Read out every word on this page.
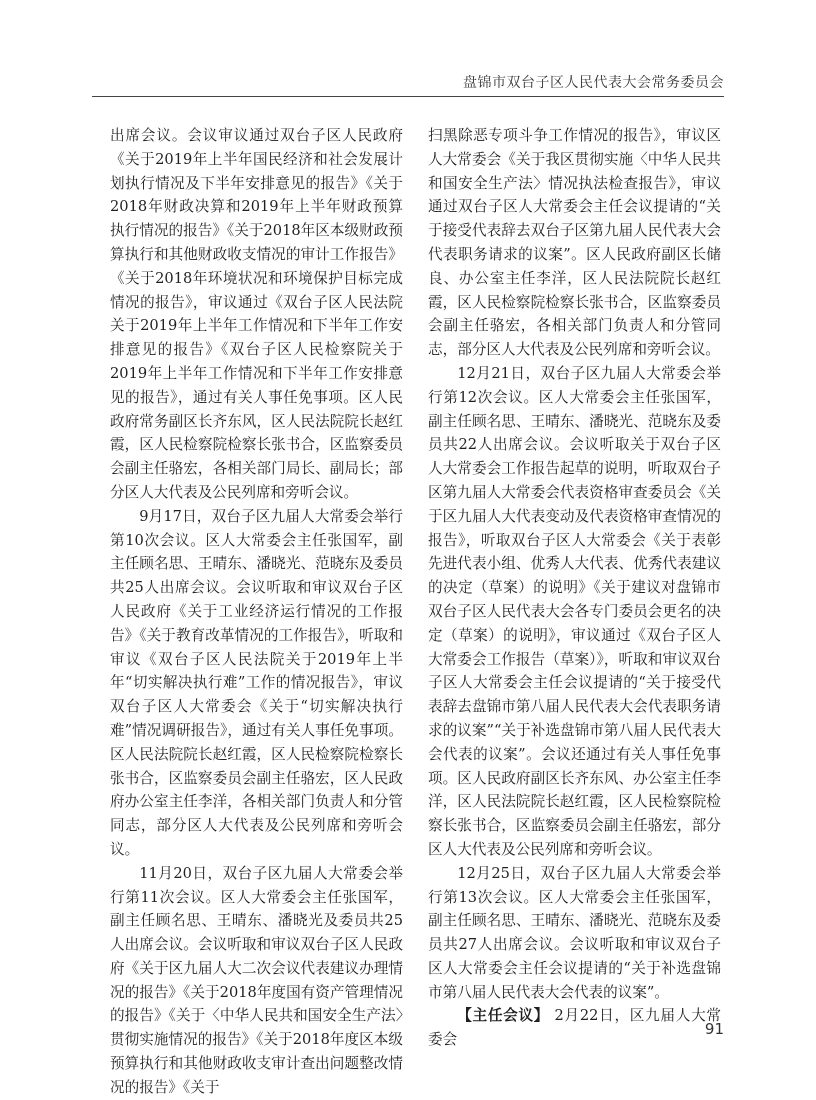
盘锦市双台子区人民代表大会常务委员会

出席会议。会议审议通过双台子区人民政府《关于2019年上半年国民经济和社会发展计划执行情况及下半年安排意见的报告》《关于2018年财政决算和2019年上半年财政预算执行情况的报告》《关于2018年区本级财政预算执行和其他财政收支情况的审计工作报告》《关于2018年环境状况和环境保护目标完成情况的报告》，审议通过《双台子区人民法院关于2019年上半年工作情况和下半年工作安排意见的报告》《双台子区人民检察院关于2019年上半年工作情况和下半年工作安排意见的报告》，通过有关人事任免事项。区人民政府常务副区长齐东风，区人民法院院长赵红霞，区人民检察院检察长张书合，区监察委员会副主任骆宏，各相关部门局长、副局长；部分区人大代表及公民列席和旁听会议。

9月17日，双台子区九届人大常委会举行第10次会议。区人大常委会主任张国军，副主任顾名思、王晴东、潘晓光、范晓东及委员共25人出席会议。会议听取和审议双台子区人民政府《关于工业经济运行情况的工作报告》《关于教育改革情况的工作报告》，听取和审议《双台子区人民法院关于2019年上半年“切实解决执行难”工作的情况报告》，审议双台子区人大常委会《关于“切实解决执行难”情况调研报告》，通过有关人事任免事项。区人民法院院长赵红霞，区人民检察院检察长张书合，区监察委员会副主任骆宏，区人民政府办公室主任李洋，各相关部门负责人和分管同志，部分区人大代表及公民列席和旁听会议。

11月20日，双台子区九届人大常委会举行第11次会议。区人大常委会主任张国军，副主任顾名思、王晴东、潘晓光及委员共25人出席会议。会议听取和审议双台子区人民政府《关于区九届人大二次会议代表建议办理情况的报告》《关于2018年度国有资产管理情况的报告》《关于〈中华人民共和国安全生产法〉贯彻实施情况的报告》《关于2018年度区本级预算执行和其他财政收支审计查出问题整改情况的报告》《关于

扫黑除恶专项斗争工作情况的报告》，审议区人大常委会《关于我区贯彻实施〈中华人民共和国安全生产法〉情况执法检查报告》，审议通过双台子区人大常委会主任会议提请的“关于接受代表辞去双台子区第九届人民代表大会代表职务请求的议案”。区人民政府副区长储良、办公室主任李洋，区人民法院院长赵红霞，区人民检察院检察长张书合，区监察委员会副主任骆宏，各相关部门负责人和分管同志，部分区人大代表及公民列席和旁听会议。

12月21日，双台子区九届人大常委会举行第12次会议。区人大常委会主任张国军，副主任顾名思、王晴东、潘晓光、范晓东及委员共22人出席会议。会议听取关于双台子区人大常委会工作报告起草的说明，听取双台子区第九届人大常委会代表资格审查委员会《关于区九届人大代表变动及代表资格审查情况的报告》，听取双台子区人大常委会《关于表彰先进代表小组、优秀人大代表、优秀代表建议的决定（草案）的说明》《关于建议对盘锦市双台子区人民代表大会各专门委员会更名的决定（草案）的说明》，审议通过《双台子区人大常委会工作报告（草案）》，听取和审议双台子区人大常委会主任会议提请的“关于接受代表辞去盘锦市第八届人民代表大会代表职务请求的议案”“关于补选盘锦市第八届人民代表大会代表的议案”。会议还通过有关人事任免事项。区人民政府副区长齐东风、办公室主任李洋，区人民法院院长赵红霞，区人民检察院检察长张书合，区监察委员会副主任骆宏，部分区人大代表及公民列席和旁听会议。

12月25日，双台子区九届人大常委会举行第13次会议。区人大常委会主任张国军，副主任顾名思、王晴东、潘晓光、范晓东及委员共27人出席会议。会议听取和审议双台子区人大常委会主任会议提请的“关于补选盘锦市第八届人民代表大会代表的议案”。

【主任会议】 2月22日，区九届人大常委会

91
